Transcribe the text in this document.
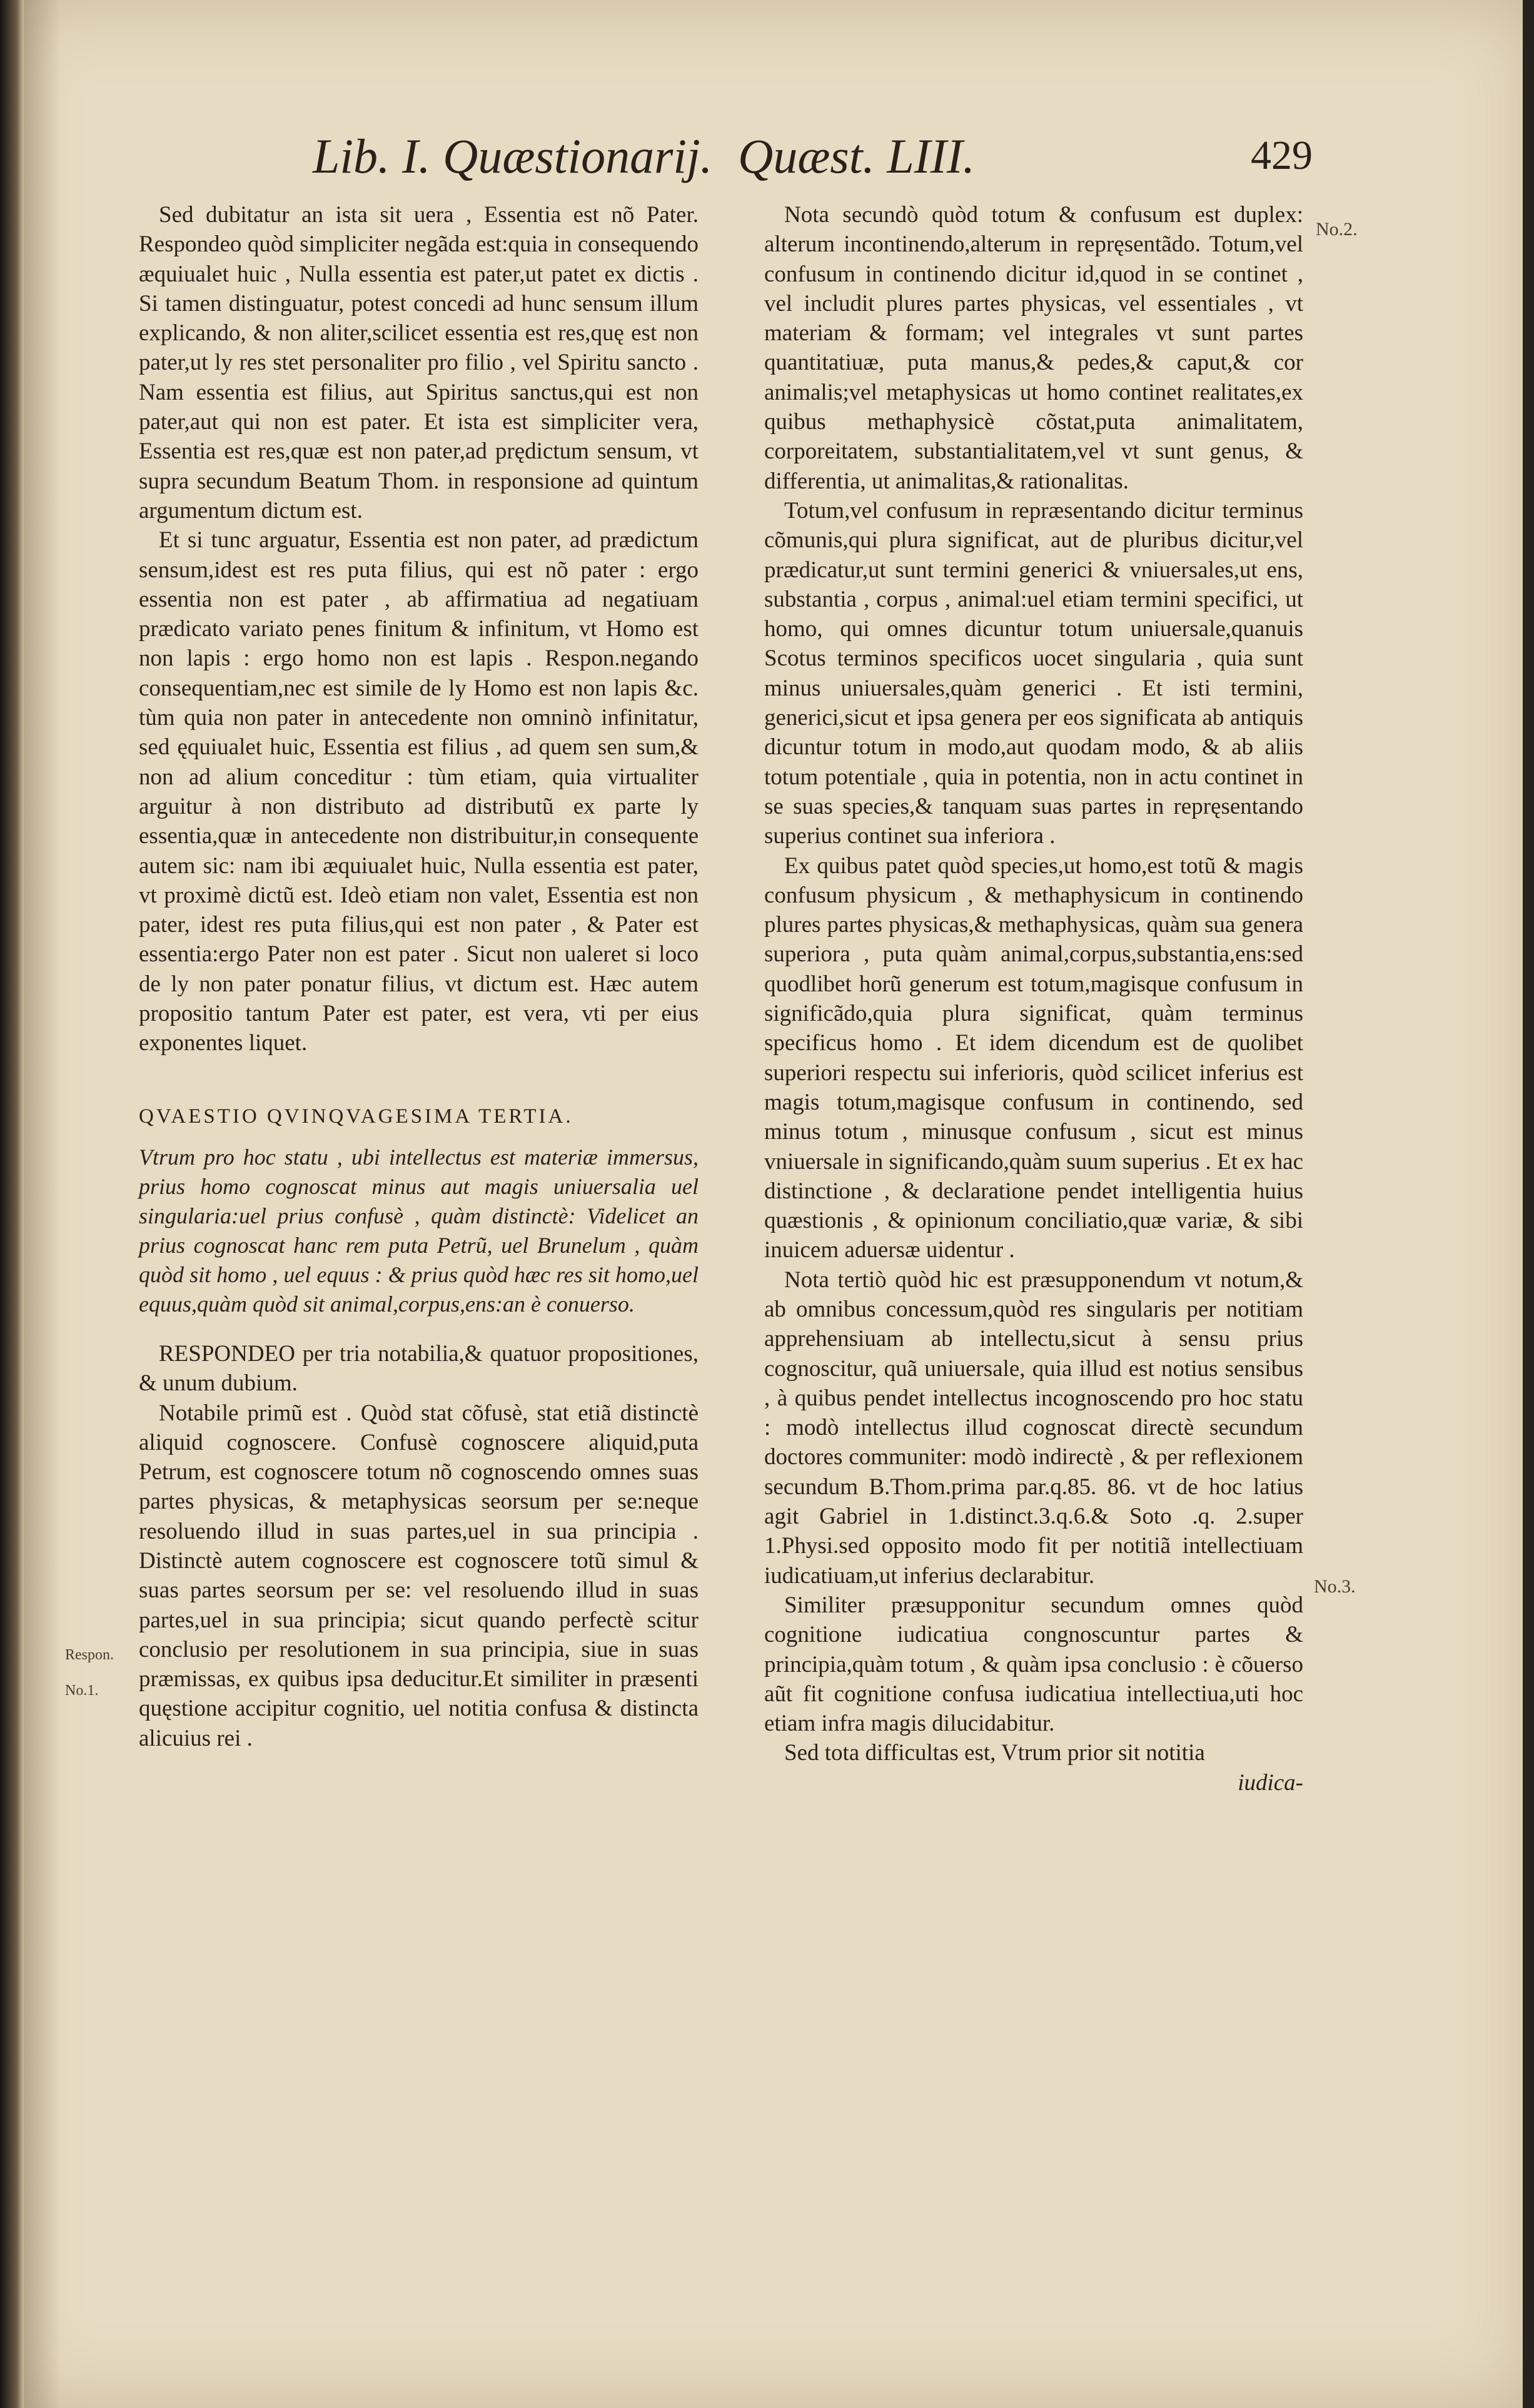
Lib. I. Quæstionarij. Quæst. LIII.	429

Sed dubitatur an ista sit uera , Essentia est nõ Pater. Respondeo quòd simpliciter negãda est:quia in consequendo æquiualet huic , Nulla essentia est pater,ut patet ex dictis . Si tamen distinguatur, potest concedi ad hunc sensum illum explicando, & non aliter,scilicet essentia est res,quę est non pater,ut ly res stet personaliter pro filio , vel Spiritu sancto . Nam essentia est filius, aut Spiritus sanctus,qui est non pater,aut qui non est pater. Et ista est simpliciter vera, Essentia est res,quæ est non pater,ad prędictum sensum, vt supra secundum Beatum Thom. in responsione ad quintum argumentum dictum est.

Et si tunc arguatur, Essentia est non pater, ad prædictum sensum,idest est res puta filius, qui est nõ pater : ergo essentia non est pater , ab affirmatiua ad negatiuam prædicato variato penes finitum & infinitum, vt Homo est non lapis : ergo homo non est lapis . Respon.negando consequentiam,nec est simile de ly Homo est non lapis &c. tùm quia non pater in antecedente non omninò infinitatur, sed ęquiualet huic, Essentia est filius , ad quem sen sum,& non ad alium conceditur : tùm etiam, quia virtualiter arguitur à non distributo ad distributũ ex parte ly essentia,quæ in antecedente non distribuitur,in consequente autem sic: nam ibi æquiualet huic, Nulla essentia est pater, vt proximè dictũ est. Ideò etiam non valet, Essentia est non pater, idest res puta filius,qui est non pater , & Pater est essentia:ergo Pater non est pater . Sicut non ualeret si loco de ly non pater ponatur filius, vt dictum est. Hæc autem propositio tantum Pater est pater, est vera, vti per eius exponentes liquet.

QVAESTIO QVINQVAGESIMA TERTIA.

Vtrum pro hoc statu , ubi intellectus est materiæ immersus, prius homo cognoscat minus aut magis uniuersalia uel singularia:uel prius confusè , quàm distinctè: Videlicet an prius cognoscat hanc rem puta Petrũ, uel Brunelum , quàm quòd sit homo , uel equus : & prius quòd hæc res sit homo,uel equus,quàm quòd sit animal,corpus,ens:an è conuerso.

RESPONDEO per tria notabilia,& quatuor propositiones, & unum dubium.

Notabile primũ est . Quòd stat cõfusè, stat etiã distinctè aliquid cognoscere. Confusè cognoscere aliquid,puta Petrum, est cognoscere totum nõ cognoscendo omnes suas partes physicas, & metaphysicas seorsum per se:neque resoluendo illud in suas partes,uel in sua principia . Distinctè autem cognoscere est cognoscere totũ simul & suas partes seorsum per se: vel resoluendo illud in suas partes,uel in sua principia; sicut quando perfectè scitur conclusio per resolutionem in sua principia, siue in suas præmissas, ex quibus ipsa deducitur.Et similiter in præsenti quęstione accipitur cognitio, uel notitia confusa & distincta alicuius rei .

Nota secundò quòd totum & confusum est duplex: alterum incontinendo,alterum in repręsentãdo. Totum,vel confusum in continendo dicitur id,quod in se continet , vel includit plures partes physicas, vel essentiales , vt materiam & formam; vel integrales vt sunt partes quantitatiuæ, puta manus,& pedes,& caput,& cor animalis;vel metaphysicas ut homo continet realitates,ex quibus methaphysicè cõstat,puta animalitatem, corporeitatem, substantialitatem,vel vt sunt genus, & differentia, ut animalitas,& rationalitas.

Totum,vel confusum in repræsentando dicitur terminus cõmunis,qui plura significat, aut de pluribus dicitur,vel prædicatur,ut sunt termini generici & vniuersales,ut ens, substantia , corpus , animal:uel etiam termini specifici, ut homo, qui omnes dicuntur totum uniuersale,quanuis Scotus terminos specificos uocet singularia , quia sunt minus uniuersales,quàm generici . Et isti termini, generici,sicut et ipsa genera per eos significata ab antiquis dicuntur totum in modo,aut quodam modo, & ab aliis totum potentiale , quia in potentia, non in actu continet in se suas species,& tanquam suas partes in repręsentando superius continet sua inferiora .

Ex quibus patet quòd species,ut homo,est totũ & magis confusum physicum , & methaphysicum in continendo plures partes physicas,& methaphysicas, quàm sua genera superiora , puta quàm animal,corpus,substantia,ens:sed quodlibet horũ generum est totum,magisque confusum in significãdo,quia plura significat, quàm terminus specificus homo . Et idem dicendum est de quolibet superiori respectu sui inferioris, quòd scilicet inferius est magis totum,magisque confusum in continendo, sed minus totum , minusque confusum , sicut est minus vniuersale in significando,quàm suum superius . Et ex hac distinctione , & declaratione pendet intelligentia huius quæstionis , & opinionum conciliatio,quæ variæ, & sibi inuicem aduersæ uidentur .

Nota tertiò quòd hic est præsupponendum vt notum,& ab omnibus concessum,quòd res singularis per notitiam apprehensiuam ab intellectu,sicut à sensu prius cognoscitur, quã uniuersale, quia illud est notius sensibus , à quibus pendet intellectus incognoscendo pro hoc statu : modò intellectus illud cognoscat directè secundum doctores communiter: modò indirectè , & per reflexionem secundum B.Thom.prima par.q.85. 86. vt de hoc latius agit Gabriel in 1.distinct.3.q.6.& Soto .q. 2.super 1.Physi.sed opposito modo fit per notitiã intellectiuam iudicatiuam,ut inferius declarabitur.

Similiter præsupponitur secundum omnes quòd cognitione iudicatiua congnoscuntur partes & principia,quàm totum , & quàm ipsa conclusio : è cõuerso aũt fit cognitione confusa iudicatiua intellectiua,uti hoc etiam infra magis dilucidabitur.

Sed tota difficultas est, Vtrum prior sit notitia

iudica-

Respon.
No.1.
No.2.
No.3.
